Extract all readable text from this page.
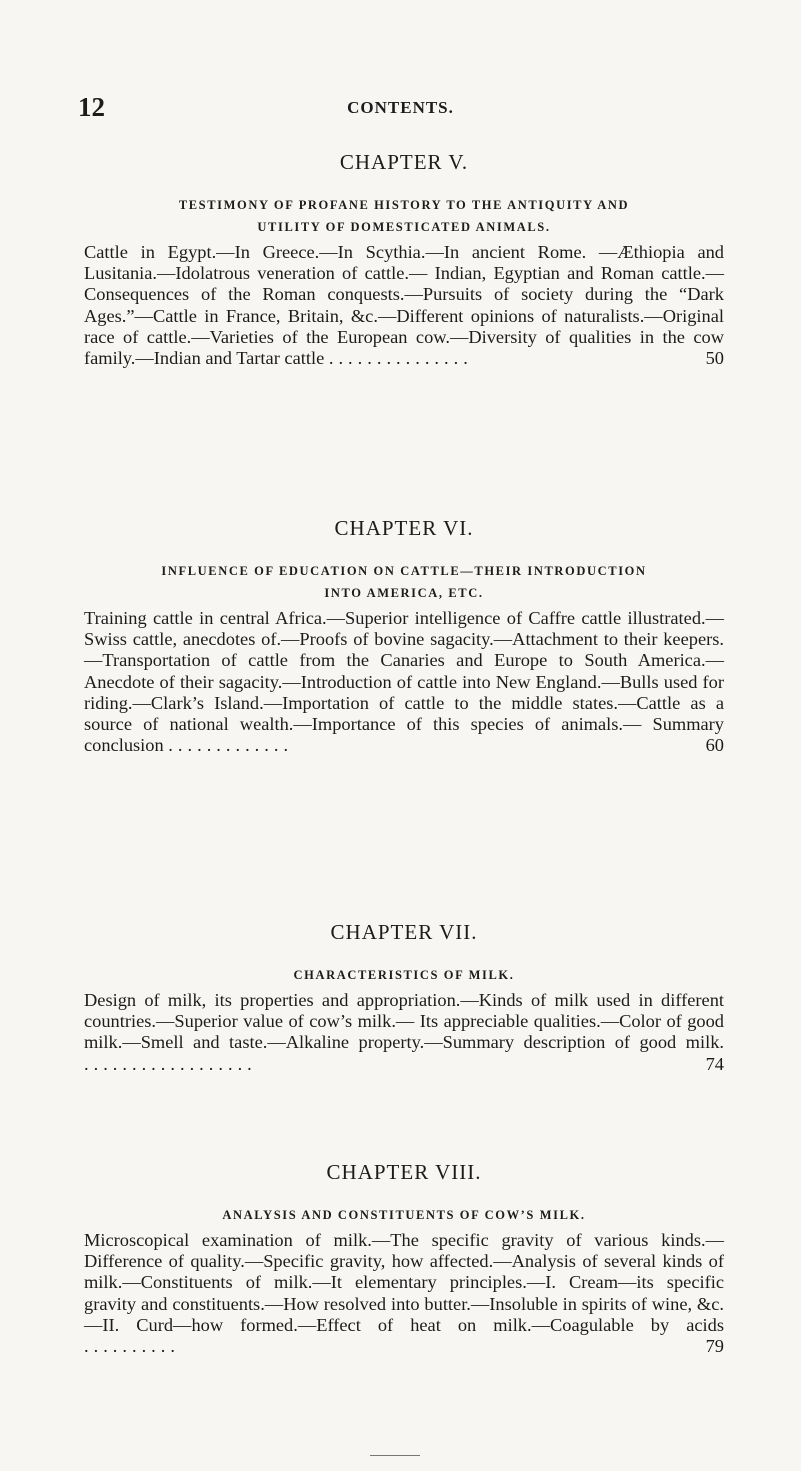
12	CONTENTS.
CHAPTER V.
TESTIMONY OF PROFANE HISTORY TO THE ANTIQUITY AND
UTILITY OF DOMESTICATED ANIMALS.

Cattle in Egypt.—In Greece.—In Scythia.—In ancient Rome. —Æthiopia and Lusitania.—Idolatrous veneration of cattle.— Indian, Egyptian and Roman cattle.—Consequences of the Roman conquests.—Pursuits of society during the “Dark Ages.”—Cattle in France, Britain, &c.—Different opinions of naturalists.—Original race of cattle.—Varieties of the European cow.—Diversity of qualities in the cow family.—Indian and Tartar cattle ...............	50

CHAPTER VI.
INFLUENCE OF EDUCATION ON CATTLE—THEIR INTRODUCTION
INTO AMERICA, ETC.

Training cattle in central Africa.—Superior intelligence of Caffre cattle illustrated.—Swiss cattle, anecdotes of.—Proofs of bovine sagacity.—Attachment to their keepers.—Transportation of cattle from the Canaries and Europe to South America.—Anecdote of their sagacity.—Introduction of cattle into New England.—Bulls used for riding.—Clark’s Island.—Importation of cattle to the middle states.—Cattle as a source of national wealth.—Importance of this species of animals.— Summary conclusion .............	60

CHAPTER VII.
CHARACTERISTICS OF MILK.

Design of milk, its properties and appropriation.—Kinds of milk used in different countries.—Superior value of cow’s milk.— Its appreciable qualities.—Color of good milk.—Smell and taste.—Alkaline property.—Summary description of good milk. ..................	74

CHAPTER VIII.
ANALYSIS AND CONSTITUENTS OF COW’S MILK.

Microscopical examination of milk.—The specific gravity of various kinds.—Difference of quality.—Specific gravity, how affected.—Analysis of several kinds of milk.—Constituents of milk.—It elementary principles.—I. Cream—its specific gravity and constituents.—How resolved into butter.—Insoluble in spirits of wine, &c.—II. Curd—how formed.—Effect of heat on milk.—Coagulable by acids ..........	79
